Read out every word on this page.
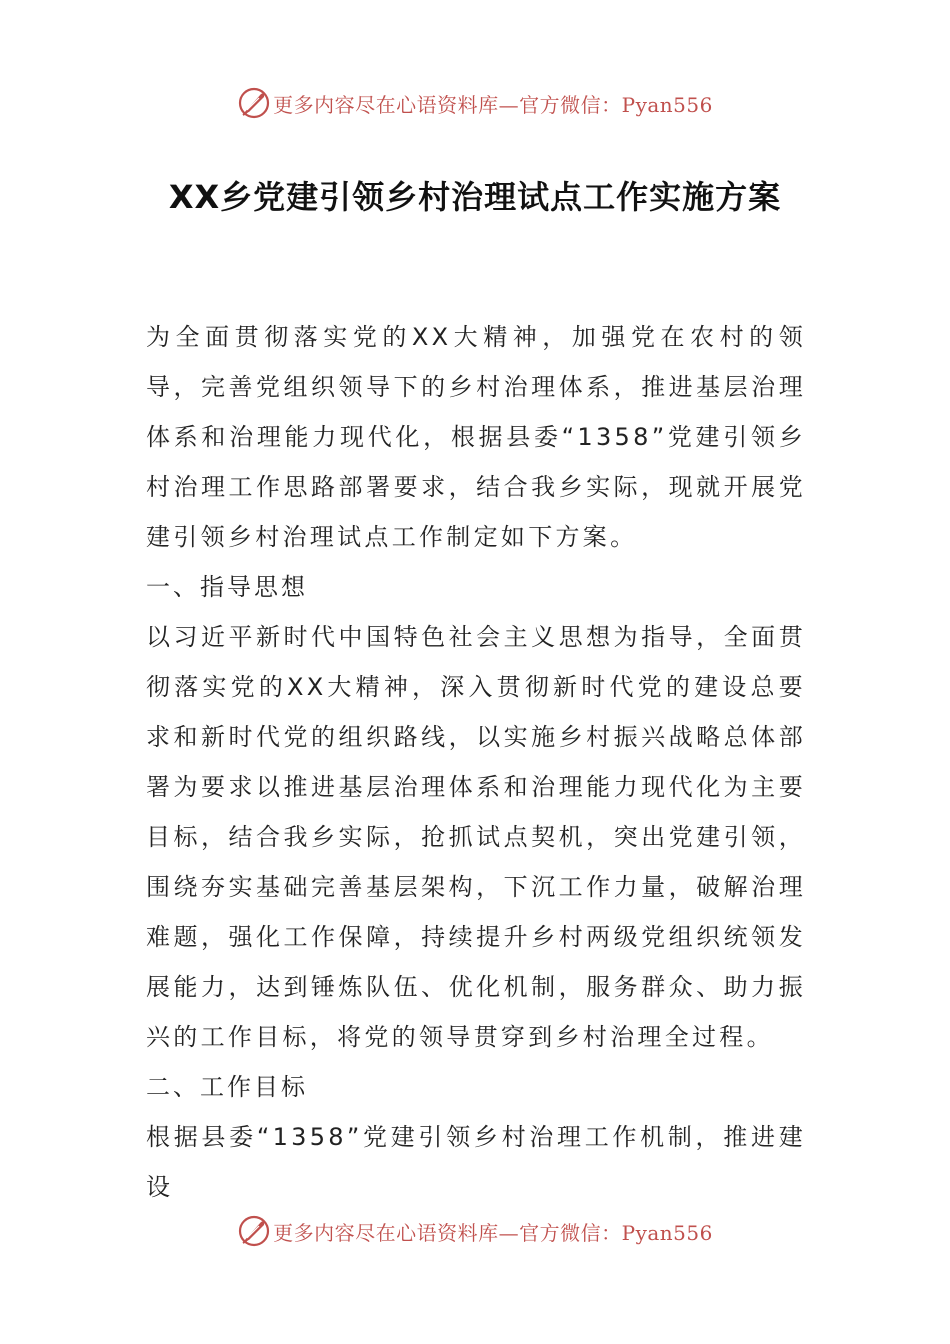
更多内容尽在心语资料库—官方微信：Pyan556
XX乡党建引领乡村治理试点工作实施方案

为全面贯彻落实党的XX大精神，加强党在农村的领导，完善党组织领导下的乡村治理体系，推进基层治理体系和治理能力现代化，根据县委“1358”党建引领乡村治理工作思路部署要求，结合我乡实际，现就开展党建引领乡村治理试点工作制定如下方案。

一、指导思想

以习近平新时代中国特色社会主义思想为指导，全面贯彻落实党的XX大精神，深入贯彻新时代党的建设总要求和新时代党的组织路线，以实施乡村振兴战略总体部署为要求以推进基层治理体系和治理能力现代化为主要目标，结合我乡实际，抢抓试点契机，突出党建引领，围绕夯实基础完善基层架构，下沉工作力量，破解治理难题，强化工作保障，持续提升乡村两级党组织统领发展能力，达到锤炼队伍、优化机制，服务群众、助力振兴的工作目标，将党的领导贯穿到乡村治理全过程。

二、工作目标

根据县委“1358”党建引领乡村治理工作机制，推进建设

更多内容尽在心语资料库—官方微信：Pyan556
